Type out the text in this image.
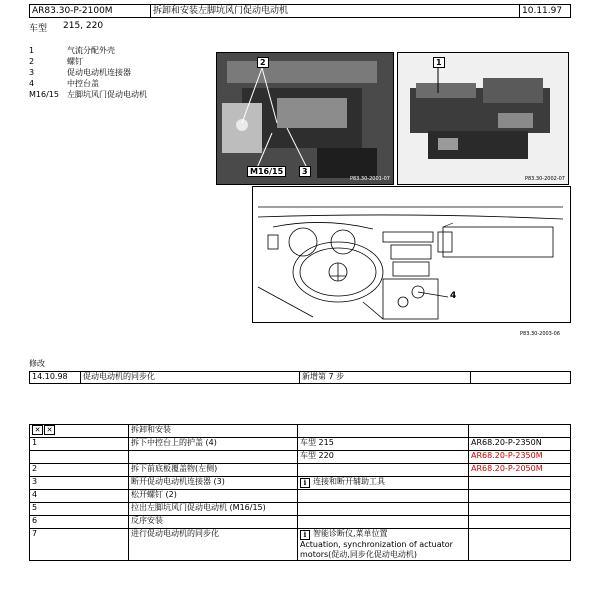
AR83.30-P-2100M	拆卸和安装左脚坑风门促动电动机	10.11.97
车型 215, 220
1	气流分配外壳
2	螺钉
3	促动电动机连接器
4	中控台盖
M16/15 左脚坑风门促动电动机
2
M16/15	3
P83.30-2001-07
1
P83.30-2002-07
4
P83.30-2003-06
修改
14.10.98	促动电动机的同步化	新增第 7 步	
✕ ✕	拆卸和安装		
1	拆下中控台上的护盖 (4)	车型 215	AR68.20-P-2350N
		车型 220	AR68.20-P-2350M
2	拆下前底板覆盖物(左侧)		AR68.20-P-2050M
3	断开促动电动机连接器 (3)	i 连接和断开辅助工具	
4	松开螺钉 (2)		
5	拉出左脚坑风门促动电动机 (M16/15)		
6	反序安装		
7	进行促动电动机的同步化	i 智能诊断仪,菜单位置
Actuation, synchronization of actuator
motors(促动,同步化促动电动机)	
